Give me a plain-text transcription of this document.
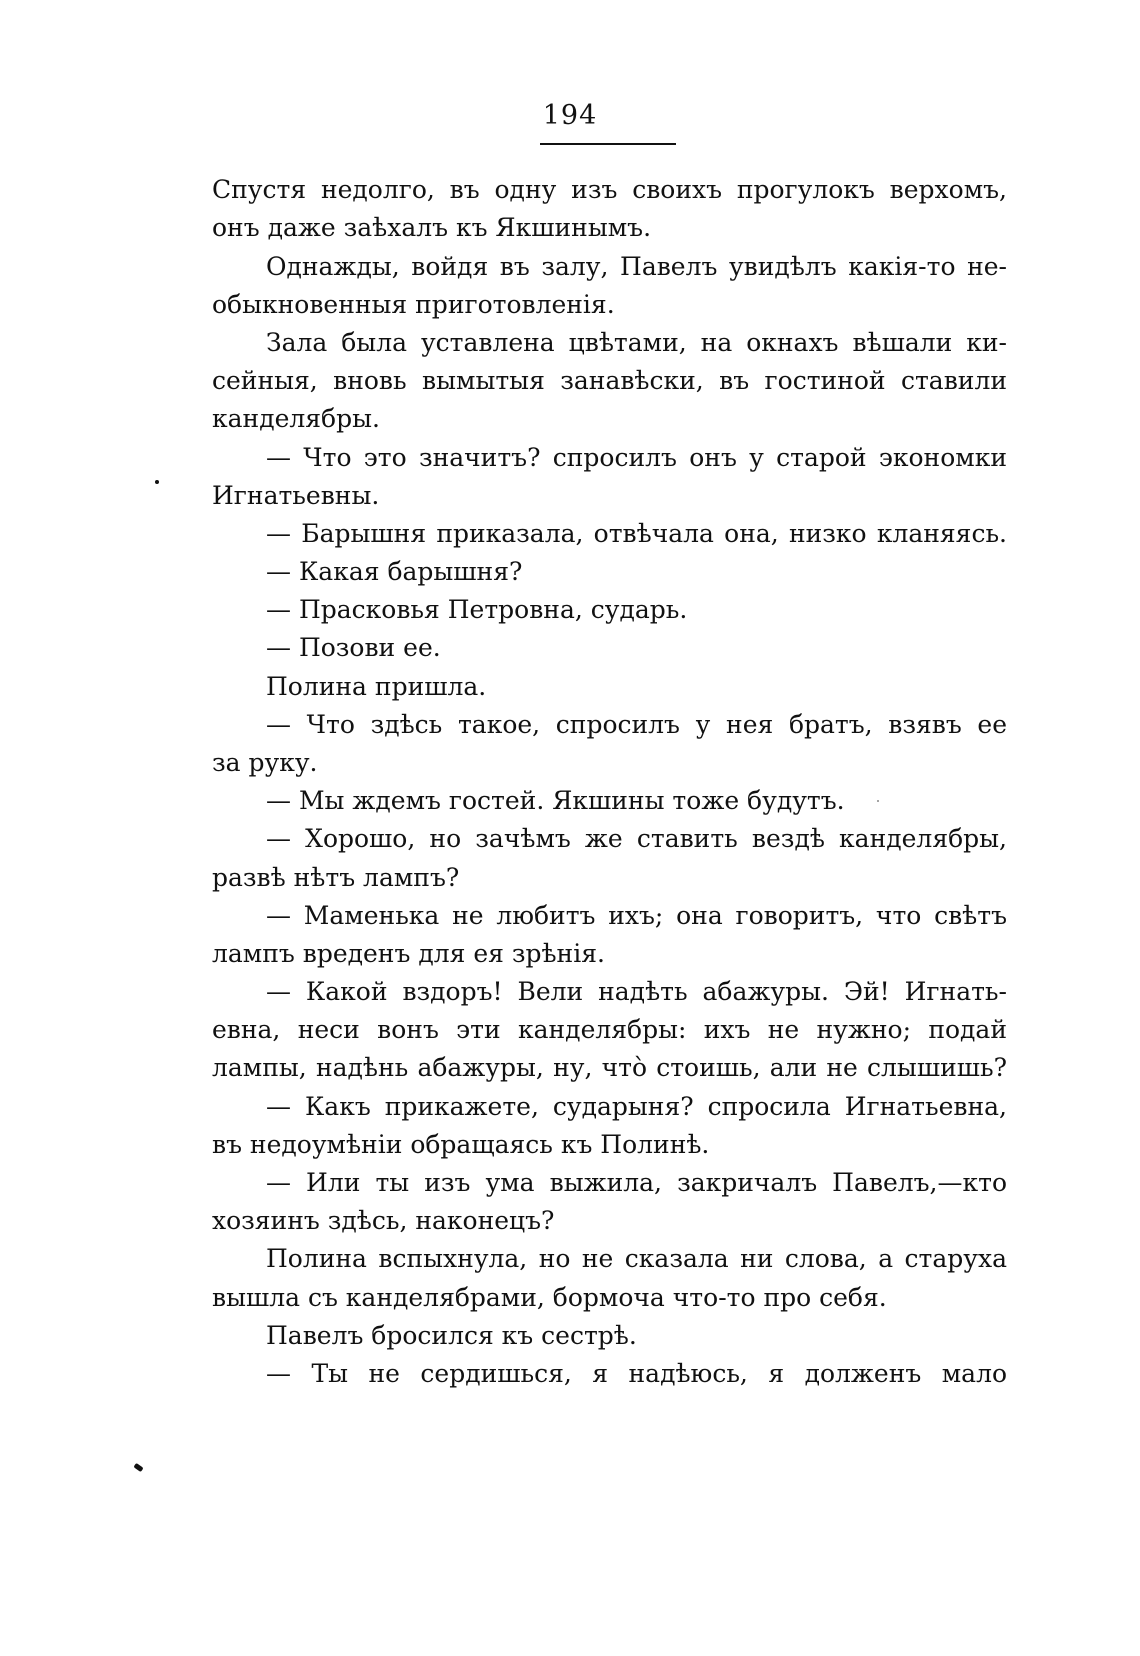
194
Спустя недолго, въ одну изъ своихъ прогулокъ верхомъ,
онъ даже заѣхалъ къ Якшинымъ.
Однажды, войдя въ залу, Павелъ увидѣлъ какія-то не-
обыкновенныя приготовленія.
Зала была уставлена цвѣтами, на окнахъ вѣшали ки-
сейныя, вновь вымытыя занавѣски, въ гостиной ставили
канделябры.
— Что это значитъ? спросилъ онъ у старой экономки
Игнатьевны.
— Барышня приказала, отвѣчала она, низко кланяясь.
— Какая барышня?
— Прасковья Петровна, сударь.
— Позови ее.
Полина пришла.
— Что здѣсь такое, спросилъ у нея братъ, взявъ ее
за руку.
— Мы ждемъ гостей. Якшины тоже будутъ.
— Хорошо, но зачѣмъ же ставить вездѣ канделябры,
развѣ нѣтъ лампъ?
— Маменька не любитъ ихъ; она говоритъ, что свѣтъ
лампъ вреденъ для ея зрѣнія.
— Какой вздоръ! Вели надѣть абажуры. Эй! Игнать-
евна, неси вонъ эти канделябры: ихъ не нужно; подай
лампы, надѣнь абажуры, ну, что̀ стоишь, али не слышишь?
— Какъ прикажете, сударыня? спросила Игнатьевна,
въ недоумѣніи обращаясь къ Полинѣ.
— Или ты изъ ума выжила, закричалъ Павелъ,—кто
хозяинъ здѣсь, наконецъ?
Полина вспыхнула, но не сказала ни слова, а старуха
вышла съ канделябрами, бормоча что-то про себя.
Павелъ бросился къ сестрѣ.
— Ты не сердишься, я надѣюсь, я долженъ мало
